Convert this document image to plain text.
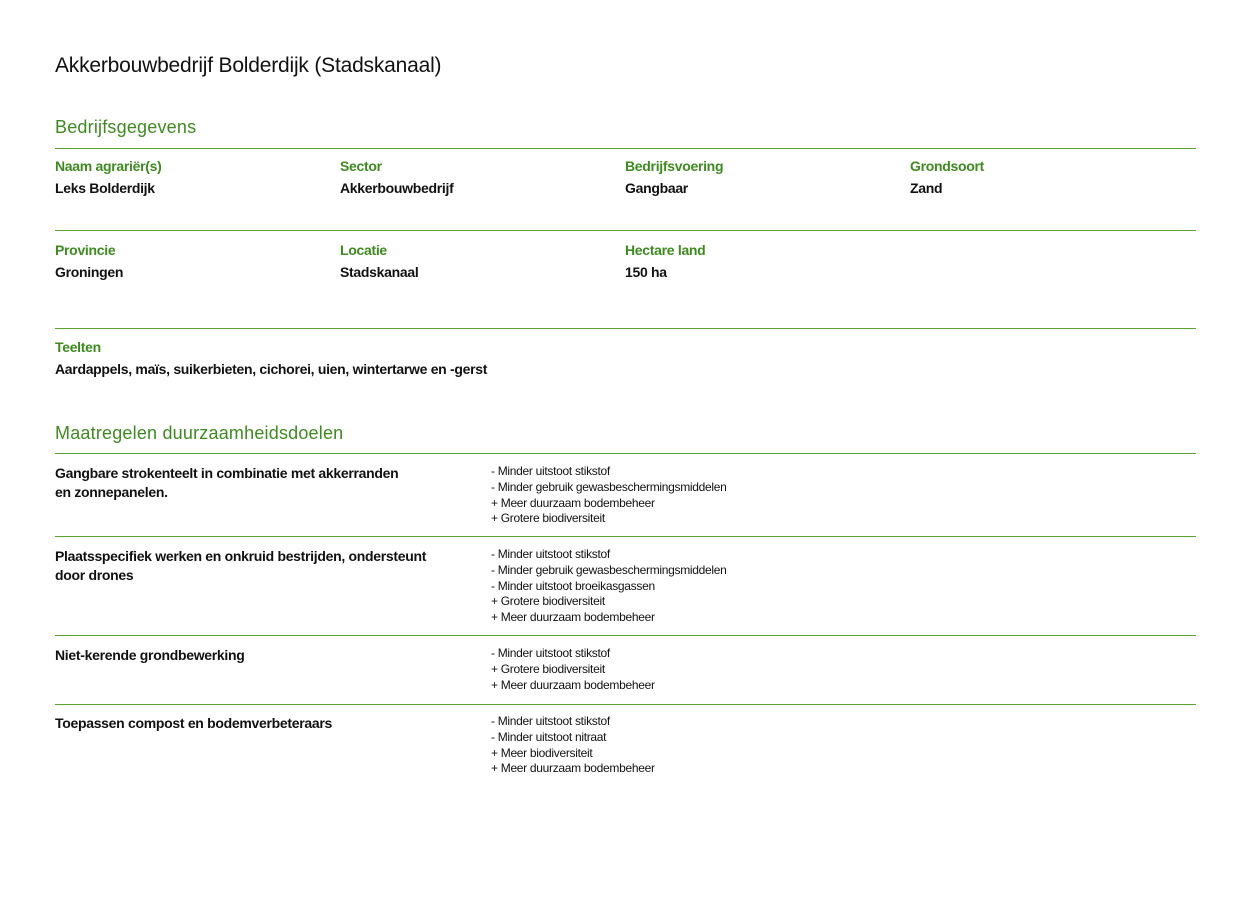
Akkerbouwbedrijf Bolderdijk (Stadskanaal)
Bedrijfsgegevens
Naam agrariër(s)
Leks Bolderdijk
Sector
Akkerbouwbedrijf
Bedrijfsvoering
Gangbaar
Grondsoort
Zand
Provincie
Groningen
Locatie
Stadskanaal
Hectare land
150 ha
Teelten
Aardappels, maïs, suikerbieten, cichorei, uien, wintertarwe en -gerst
Maatregelen duurzaamheidsdoelen
Gangbare strokenteelt in combinatie met akkerranden
en zonnepanelen.
- Minder uitstoot stikstof
- Minder gebruik gewasbeschermingsmiddelen
+ Meer duurzaam bodembeheer
+ Grotere biodiversiteit
Plaatsspecifiek werken en onkruid bestrijden, ondersteunt
door drones
- Minder uitstoot stikstof
- Minder gebruik gewasbeschermingsmiddelen
- Minder uitstoot broeikasgassen
+ Grotere biodiversiteit
+ Meer duurzaam bodembeheer
Niet-kerende grondbewerking	- Minder uitstoot stikstof
+ Grotere biodiversiteit
+ Meer duurzaam bodembeheer
Toepassen compost en bodemverbeteraars	- Minder uitstoot stikstof
- Minder uitstoot nitraat
+ Meer biodiversiteit
+ Meer duurzaam bodembeheer
